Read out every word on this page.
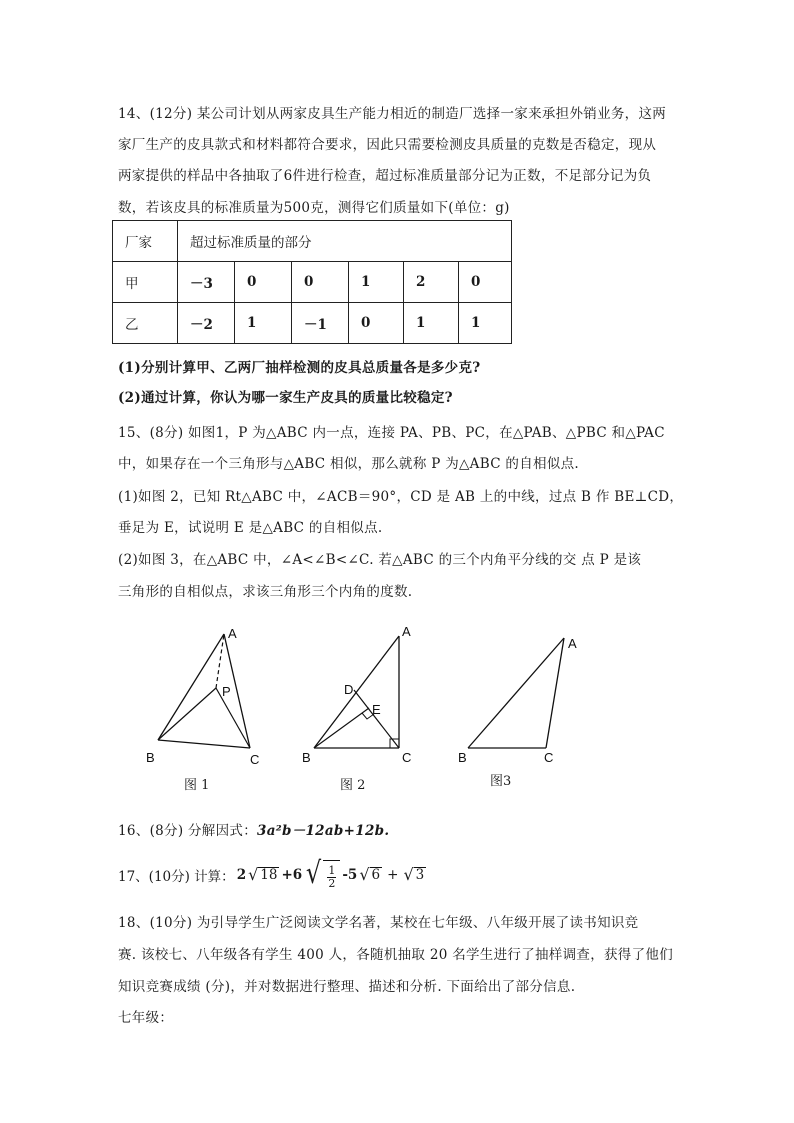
14、(12分) 某公司计划从两家皮具生产能力相近的制造厂选择一家来承担外销业务，这两
家厂生产的皮具款式和材料都符合要求，因此只需要检测皮具质量的克数是否稳定，现从
两家提供的样品中各抽取了6件进行检查，超过标准质量部分记为正数，不足部分记为负
数，若该皮具的标准质量为500克，测得它们质量如下(单位：g)
厂家	超过标准质量的部分					
甲	－3	0	0	1	2	0
乙	－2	1	－1	0	1	1
(1)分别计算甲、乙两厂抽样检测的皮具总质量各是多少克?
(2)通过计算，你认为哪一家生产皮具的质量比较稳定?
15、(8分) 如图1，P 为△ABC 内一点，连接 PA、PB、PC，在△PAB、△PBC 和△PAC
中，如果存在一个三角形与△ABC 相似，那么就称 P 为△ABC 的自相似点.
(1)如图 2，已知 Rt△ABC 中，∠ACB＝90°，CD 是 AB 上的中线，过点 B 作 BE⊥CD，
垂足为 E，试说明 E 是△ABC 的自相似点.
(2)如图 3，在△ABC 中，∠A<∠B<∠C. 若△ABC 的三个内角平分线的交 点 P 是该
三角形的自相似点，求该三角形三个内角的度数.
A
P
B	C
图 1
A
D
E
B	C
图 2
A
B	C
图3
16、(8分) 分解因式：3a²b－12ab+12b.
17、(10分) 计算： 2 √ 18 +6 √ $\frac{1}{2} -5$ √ 6 + √ 3
18、(10分) 为引导学生广泛阅读文学名著，某校在七年级、八年级开展了读书知识竞
赛. 该校七、八年级各有学生 400 人，各随机抽取 20 名学生进行了抽样调查，获得了他们
知识竞赛成绩 (分)，并对数据进行整理、描述和分析. 下面给出了部分信息.
七年级：
